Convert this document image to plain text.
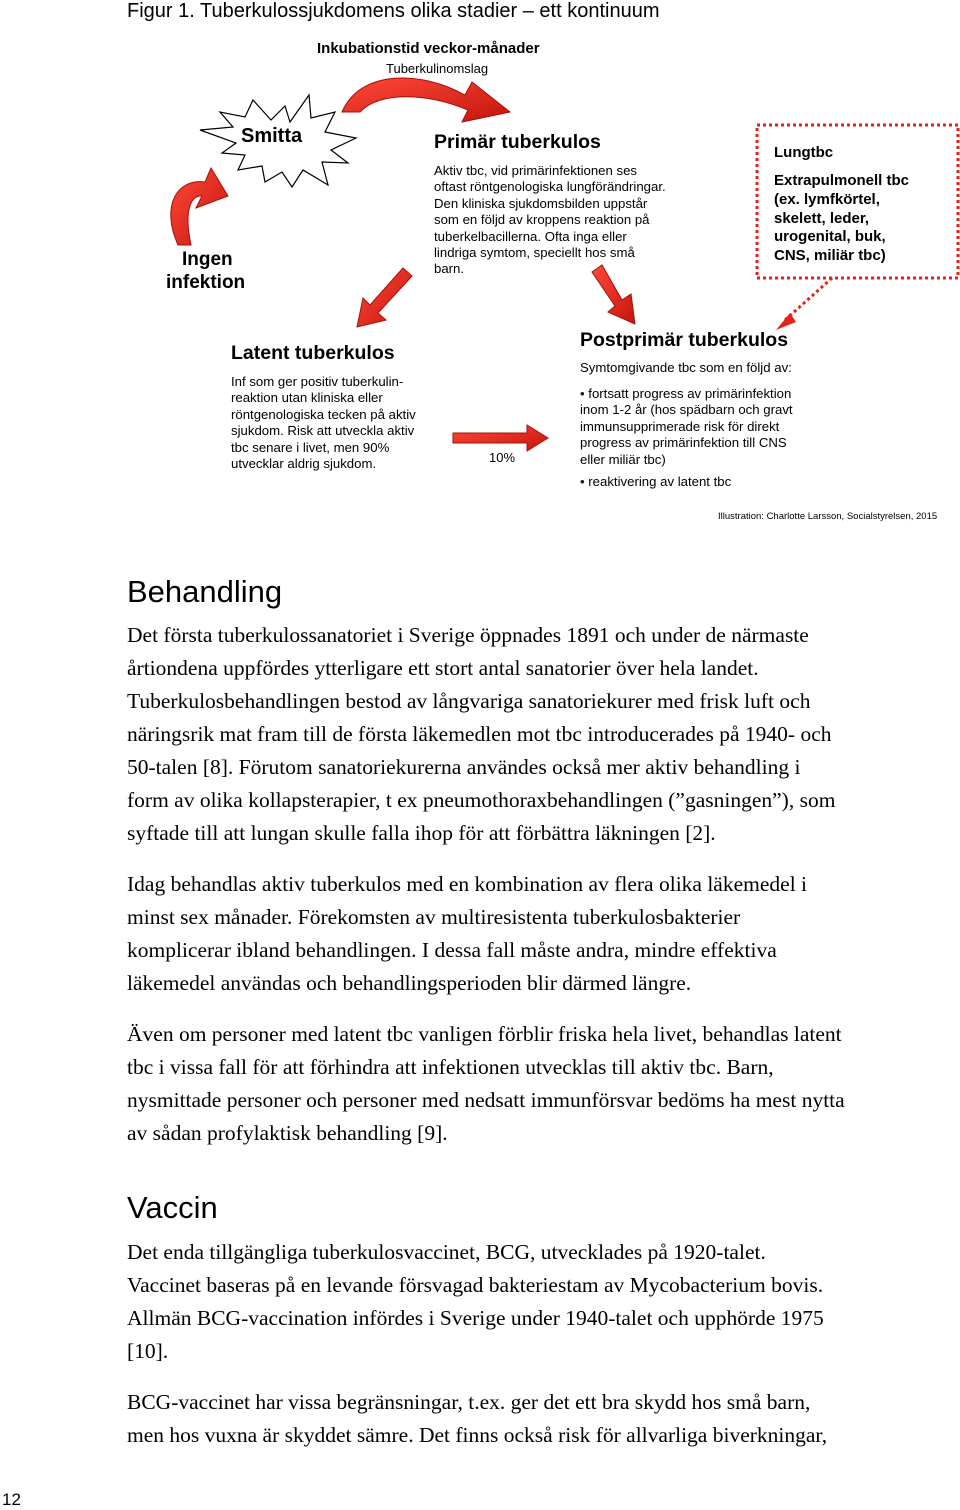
Figur 1. Tuberkulossjukdomens olika stadier – ett kontinuum
Inkubationstid veckor-månader
Tuberkulinomslag
Smitta
Ingen
infektion
Primär tuberkulos
Aktiv tbc, vid primärinfektionen ses
oftast röntgenologiska lungförändringar.
Den kliniska sjukdomsbilden uppstår
som en följd av kroppens reaktion på
tuberkelbacillerna. Ofta inga eller
lindriga symtom, speciellt hos små
barn.
Lungtbc
Extrapulmonell tbc
(ex. lymfkörtel,
skelett, leder,
urogenital, buk,
CNS, miliär tbc)
Latent tuberkulos
Inf som ger positiv tuberkulin-
reaktion utan kliniska eller
röntgenologiska tecken på aktiv
sjukdom. Risk att utveckla aktiv
tbc senare i livet, men 90%
utvecklar aldrig sjukdom.	10%
Postprimär tuberkulos
Symtomgivande tbc som en följd av:
• fortsatt progress av primärinfektion
inom 1-2 år (hos spädbarn och gravt
immunsupprimerade risk för direkt
progress av primärinfektion till CNS
eller miliär tbc)
• reaktivering av latent tbc
Illustration: Charlotte Larsson, Socialstyrelsen, 2015
Behandling
Det första tuberkulossanatoriet i Sverige öppnades 1891 och under de närmaste
årtiondena uppfördes ytterligare ett stort antal sanatorier över hela landet.
Tuberkulosbehandlingen bestod av långvariga sanatoriekurer med frisk luft och
näringsrik mat fram till de första läkemedlen mot tbc introducerades på 1940- och
50-talen [8]. Förutom sanatoriekurerna användes också mer aktiv behandling i
form av olika kollapsterapier, t ex pneumothoraxbehandlingen (”gasningen”), som
syftade till att lungan skulle falla ihop för att förbättra läkningen [2].
Idag behandlas aktiv tuberkulos med en kombination av flera olika läkemedel i
minst sex månader. Förekomsten av multiresistenta tuberkulosbakterier
komplicerar ibland behandlingen. I dessa fall måste andra, mindre effektiva
läkemedel användas och behandlingsperioden blir därmed längre.
Även om personer med latent tbc vanligen förblir friska hela livet, behandlas latent
tbc i vissa fall för att förhindra att infektionen utvecklas till aktiv tbc. Barn,
nysmittade personer och personer med nedsatt immunförsvar bedöms ha mest nytta
av sådan profylaktisk behandling [9].
Vaccin
Det enda tillgängliga tuberkulosvaccinet, BCG, utvecklades på 1920-talet.
Vaccinet baseras på en levande försvagad bakteriestam av Mycobacterium bovis.
Allmän BCG-vaccination infördes i Sverige under 1940-talet och upphörde 1975
[10].
BCG-vaccinet har vissa begränsningar, t.ex. ger det ett bra skydd hos små barn,
men hos vuxna är skyddet sämre. Det finns också risk för allvarliga biverkningar,
12
